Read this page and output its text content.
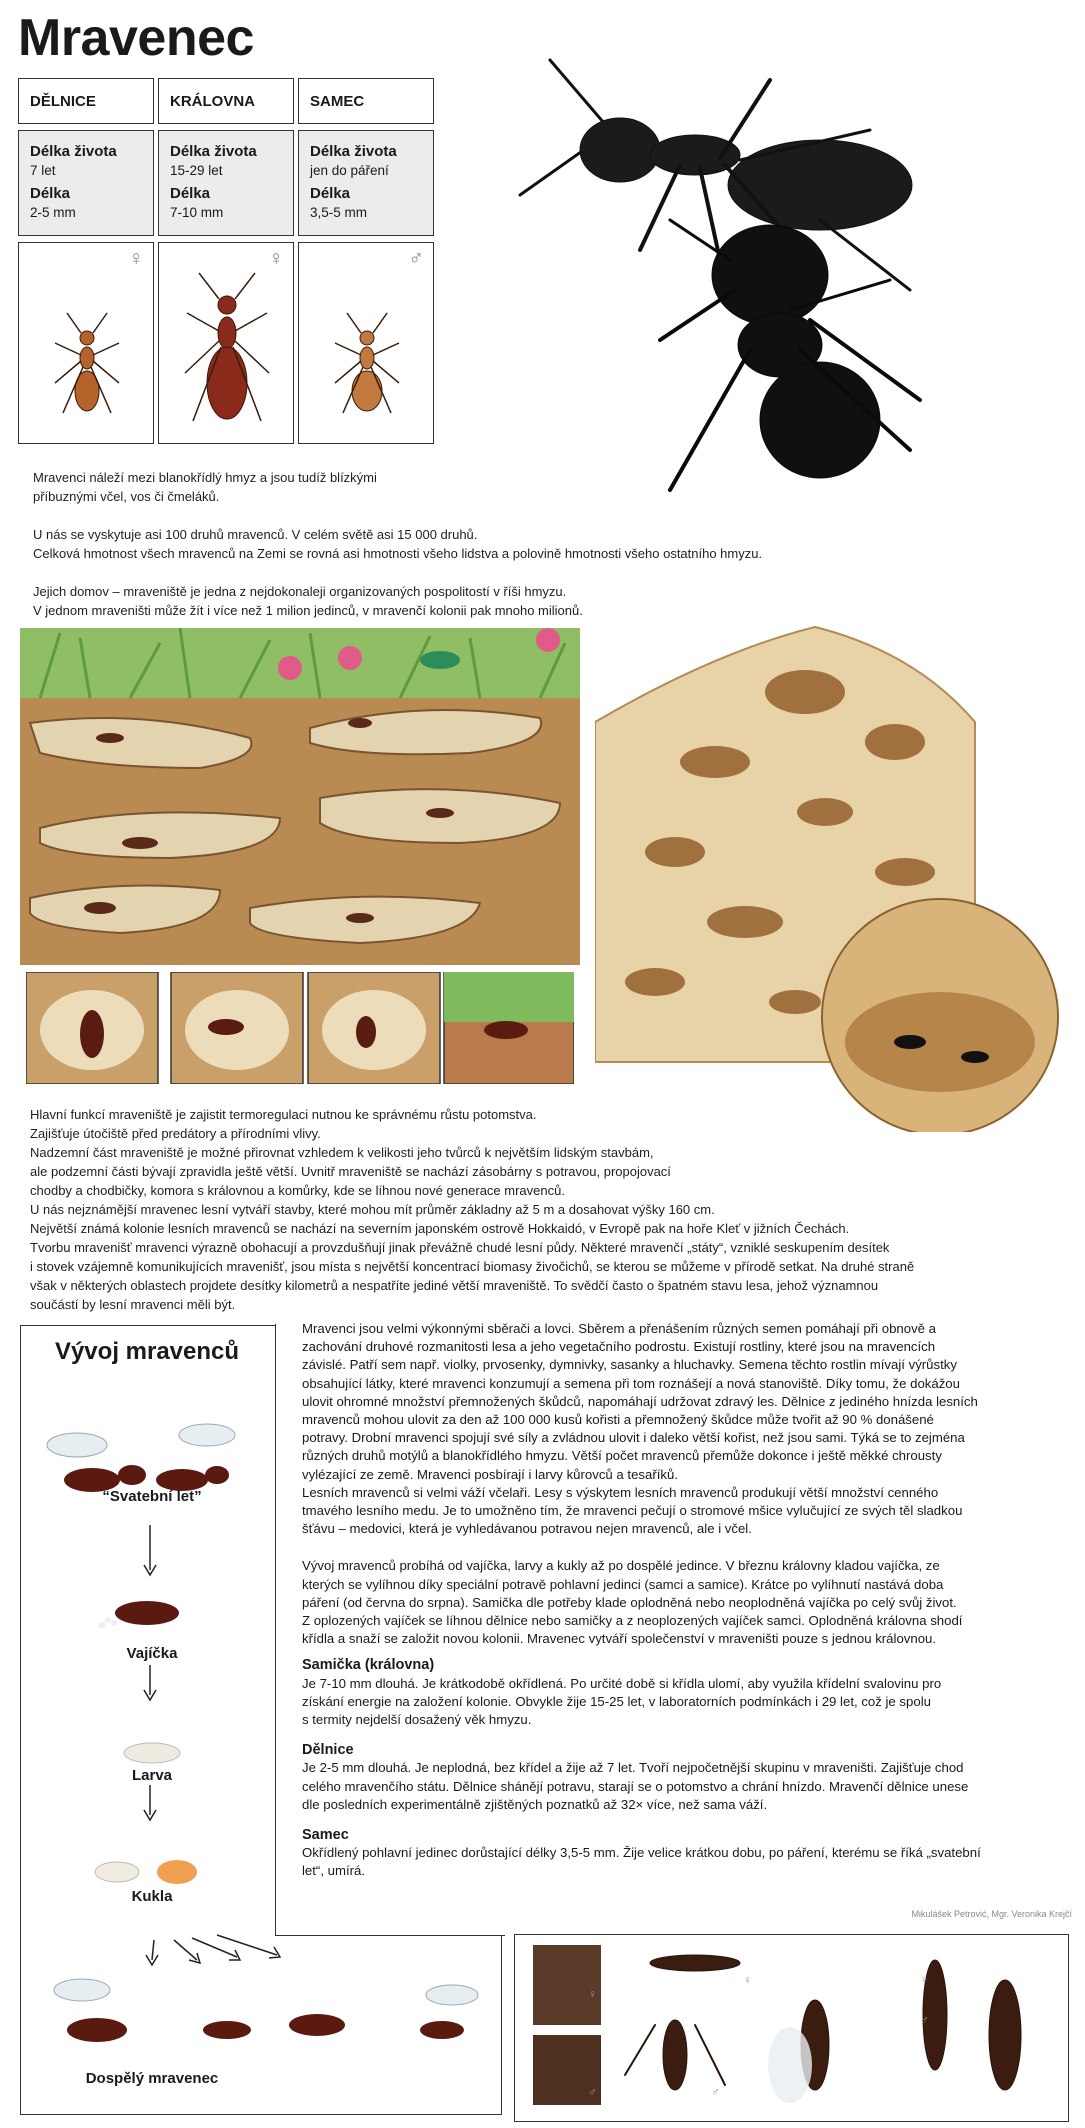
Mravenec
DĚLNICE
Délka života
7 let
Délka
2-5 mm
♀
KRÁLOVNA
Délka života
15-29 let
Délka
7-10 mm
♀
SAMEC
Délka života
jen do páření
Délka
3,5-5 mm
♂
Mravenci náleží mezi blanokřídlý hmyz a jsou tudíž blízkými
příbuznými včel, vos či čmeláků.
U nás se vyskytuje asi 100 druhů mravenců. V celém světě asi 15 000 druhů.
Celková hmotnost všech mravenců na Zemi se rovná asi hmotnosti všeho lidstva a polovině hmotnosti všeho ostatního hmyzu.
Jejich domov – mraveniště je jedna z nejdokonaleji organizovaných pospolitostí v říši hmyzu.
V jednom mraveništi může žít i více než 1 milion jedinců, v mravenčí kolonii pak mnoho milionů.
Hlavní funkcí mraveniště je zajistit termoregulaci nutnou ke správnému růstu potomstva.
Zajišťuje útočiště před predátory a přírodními vlivy.
Nadzemní část mraveniště je možné přirovnat vzhledem k velikosti jeho tvůrců k největším lidským stavbám,
ale podzemní části bývají zpravidla ještě větší. Uvnitř mraveniště se nachází zásobárny s potravou, propojovací
chodby a chodbičky, komora s královnou a komůrky, kde se líhnou nové generace mravenců.
U nás nejznámější mravenec lesní vytváří stavby, které mohou mít průměr základny až 5 m a dosahovat výšky 160 cm.
Největší známá kolonie lesních mravenců se nachází na severním japonském ostrově Hokkaidó, v Evropě pak na hoře Kleť v jižních Čechách.
Tvorbu mravenišť mravenci výrazně obohacují a provzdušňují jinak převážně chudé lesní půdy. Některé mravenčí „státy“, vzniklé seskupením desítek
i stovek vzájemně komunikujících mravenišť, jsou místa s největší koncentrací biomasy živočichů, se kterou se můžeme v přírodě setkat. Na druhé straně
však v některých oblastech projdete desítky kilometrů a nespatříte jediné větší mraveniště. To svědčí často o špatném stavu lesa, jehož významnou
součástí by lesní mravenci měli být.
Vývoj mravenců
“Svatební let”
Vajíčka
Larva
Kukla
Dospělý mravenec
Mravenci jsou velmi výkonnými sběrači a lovci. Sběrem a přenášením různých semen pomáhají při obnově a
zachování druhové rozmanitosti lesa a jeho vegetačního podrostu. Existují rostliny, které jsou na mravencích
závislé. Patří sem např. violky, prvosenky, dymnivky, sasanky a hluchavky. Semena těchto rostlin mívají výrůstky
obsahující látky, které mravenci konzumují a semena při tom roznášejí a nová stanoviště. Díky tomu, že dokážou
ulovit ohromné množství přemnožených škůdců, napomáhají udržovat zdravý les. Dělnice z jediného hnízda lesních
mravenců mohou ulovit za den až 100 000 kusů kořisti a přemnožený škůdce může tvořit až 90 % donášené
potravy. Drobní mravenci spojují své síly a zvládnou ulovit i daleko větší kořist, než jsou sami. Týká se to zejména
různých druhů motýlů a blanokřídlého hmyzu. Větší počet mravenců přemůže dokonce i ještě měkké chrousty
vylézající ze země. Mravenci posbírají i larvy kůrovců a tesaříků.
Lesních mravenců si velmi váží včelaři. Lesy s výskytem lesních mravenců produkují větší množství cenného
tmavého lesního medu. Je to umožněno tím, že mravenci pečují o stromové mšice vylučující ze svých těl sladkou
šťávu – medovici, která je vyhledávanou potravou nejen mravenců, ale i včel.
Vývoj mravenců probíhá od vajíčka, larvy a kukly až po dospělé jedince. V březnu královny kladou vajíčka, ze
kterých se vylíhnou díky speciální potravě pohlavní jedinci (samci a samice). Krátce po vylíhnutí nastává doba
páření (od června do srpna). Samička dle potřeby klade oplodněná nebo neoplodněná vajíčka po celý svůj život.
Z oplozených vajíček se líhnou dělnice nebo samičky a z neoplozených vajíček samci. Oplodněná královna shodí
křídla a snaží se založit novou kolonii. Mravenec vytváří společenství v mraveništi pouze s jednou královnou.
Samička (královna)
Je 7-10 mm dlouhá. Je krátkodobě okřídlená. Po určité době si křídla ulomí, aby využila křídelní svalovinu pro
získání energie na založení kolonie. Obvykle žije 15-25 let, v laboratorních podmínkách i 29 let, což je spolu
s termity nejdelší dosažený věk hmyzu.
Dělnice
Je 2-5 mm dlouhá. Je neplodná, bez křídel a žije až 7 let. Tvoří nejpočetnější skupinu v mraveništi. Zajišťuje chod
celého mravenčího státu. Dělnice shánějí potravu, starají se o potomstvo a chrání hnízdo. Mravenčí dělnice unese
dle posledních experimentálně zjištěných poznatků až 32× více, než sama váží.
Samec
Okřídlený pohlavní jedinec dorůstající délky 3,5-5 mm. Žije velice krátkou dobu, po páření, kterému se říká „svatební
let“, umírá.
Mikulášek Petrović, Mgr. Veronika Krejčí
♀
♂
♀
♂
♀
♂
